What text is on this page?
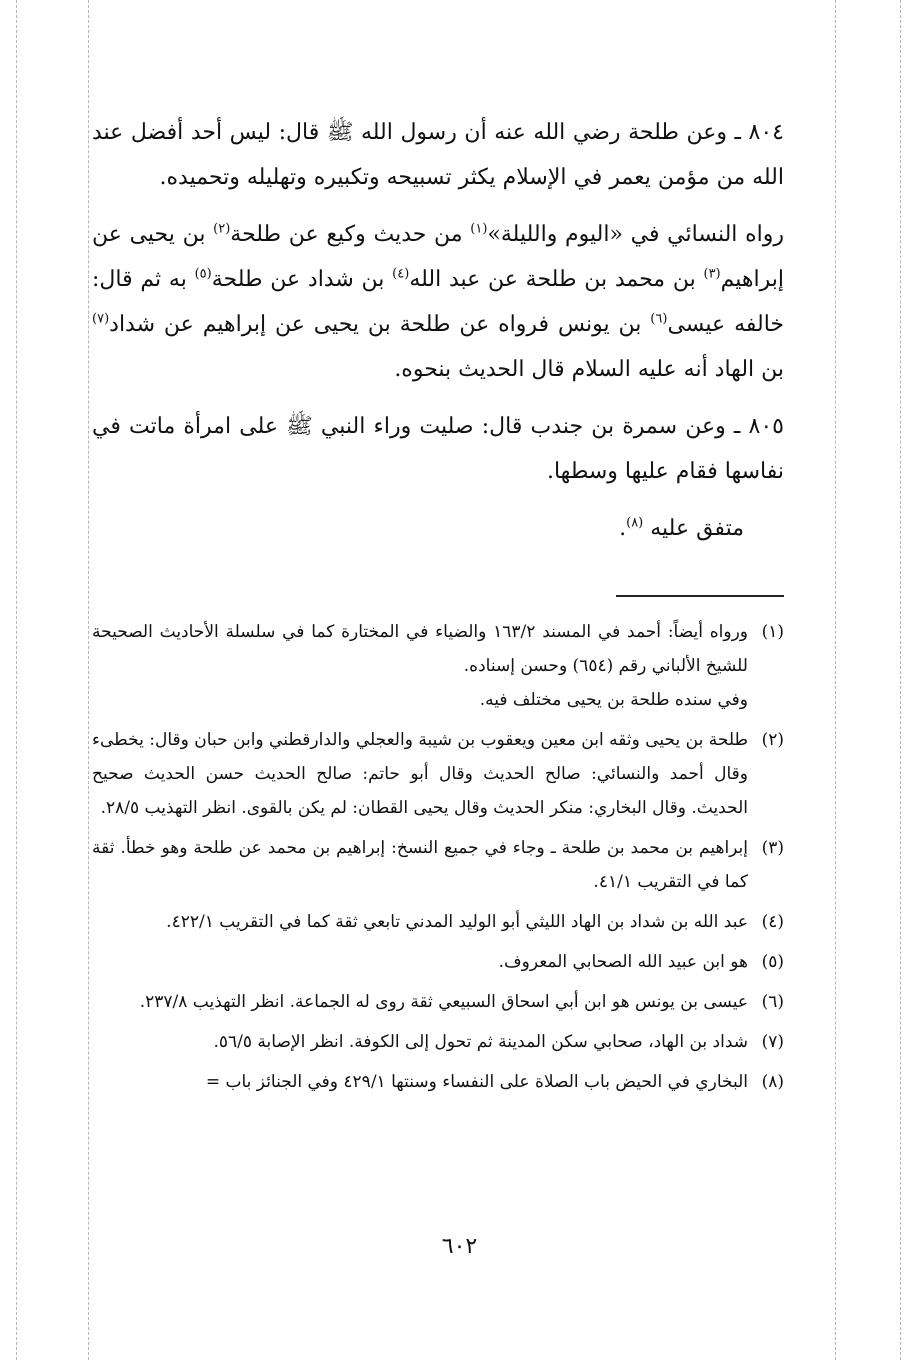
٨٠٤ ـ وعن طلحة رضي الله عنه أن رسول الله ﷺ قال: ليس أحد أفضل عند الله من مؤمن يعمر في الإسلام يكثر تسبيحه وتكبيره وتهليله وتحميده.

رواه النسائي في «اليوم والليلة»$^{(١)}$ من حديث وكيع عن طلحة$^{(٢)}$ بن يحيى عن إبراهيم$^{(٣)}$ بن محمد بن طلحة عن عبد الله$^{(٤)}$ بن شداد عن طلحة$^{(٥)}$ به ثم قال: خالفه عيسى$^{(٦)}$ بن يونس فرواه عن طلحة بن يحيى عن إبراهيم عن شداد$^{(٧)}$ بن الهاد أنه عليه السلام قال الحديث بنحوه.

٨٠٥ ـ وعن سمرة بن جندب قال: صليت وراء النبي ﷺ على امرأة ماتت في نفاسها فقام عليها وسطها.

متفق عليه $^{(٨)}$.

(١)
ورواه أيضاً: أحمد في المسند ١٦٣/٢ والضياء في المختارة كما في سلسلة الأحاديث الصحيحة للشيخ الألباني رقم (٦٥٤) وحسن إسناده.
وفي سنده طلحة بن يحيى مختلف فيه.

(٢)
طلحة بن يحيى وثقه ابن معين ويعقوب بن شيبة والعجلي والدارقطني وابن حبان وقال: يخطىء وقال أحمد والنسائي: صالح الحديث وقال أبو حاتم: صالح الحديث حسن الحديث صحيح الحديث. وقال البخاري: منكر الحديث وقال يحيى القطان: لم يكن بالقوى. انظر التهذيب ٢٨/٥.

(٣)
إبراهيم بن محمد بن طلحة ـ وجاء في جميع النسخ: إبراهيم بن محمد عن طلحة وهو خطأ. ثقة كما في التقريب ٤١/١.

(٤)
عبد الله بن شداد بن الهاد الليثي أبو الوليد المدني تابعي ثقة كما في التقريب ٤٢٢/١.

(٥)
هو ابن عبيد الله الصحابي المعروف.

(٦)
عيسى بن يونس هو ابن أبي اسحاق السبيعي ثقة روى له الجماعة. انظر التهذيب ٢٣٧/٨.

(٧)
شداد بن الهاد، صحابي سكن المدينة ثم تحول إلى الكوفة. انظر الإصابة ٥٦/٥.

(٨)
البخاري في الحيض باب الصلاة على النفساء وسنتها ٤٢٩/١ وفي الجنائز باب =

٦٠٢
